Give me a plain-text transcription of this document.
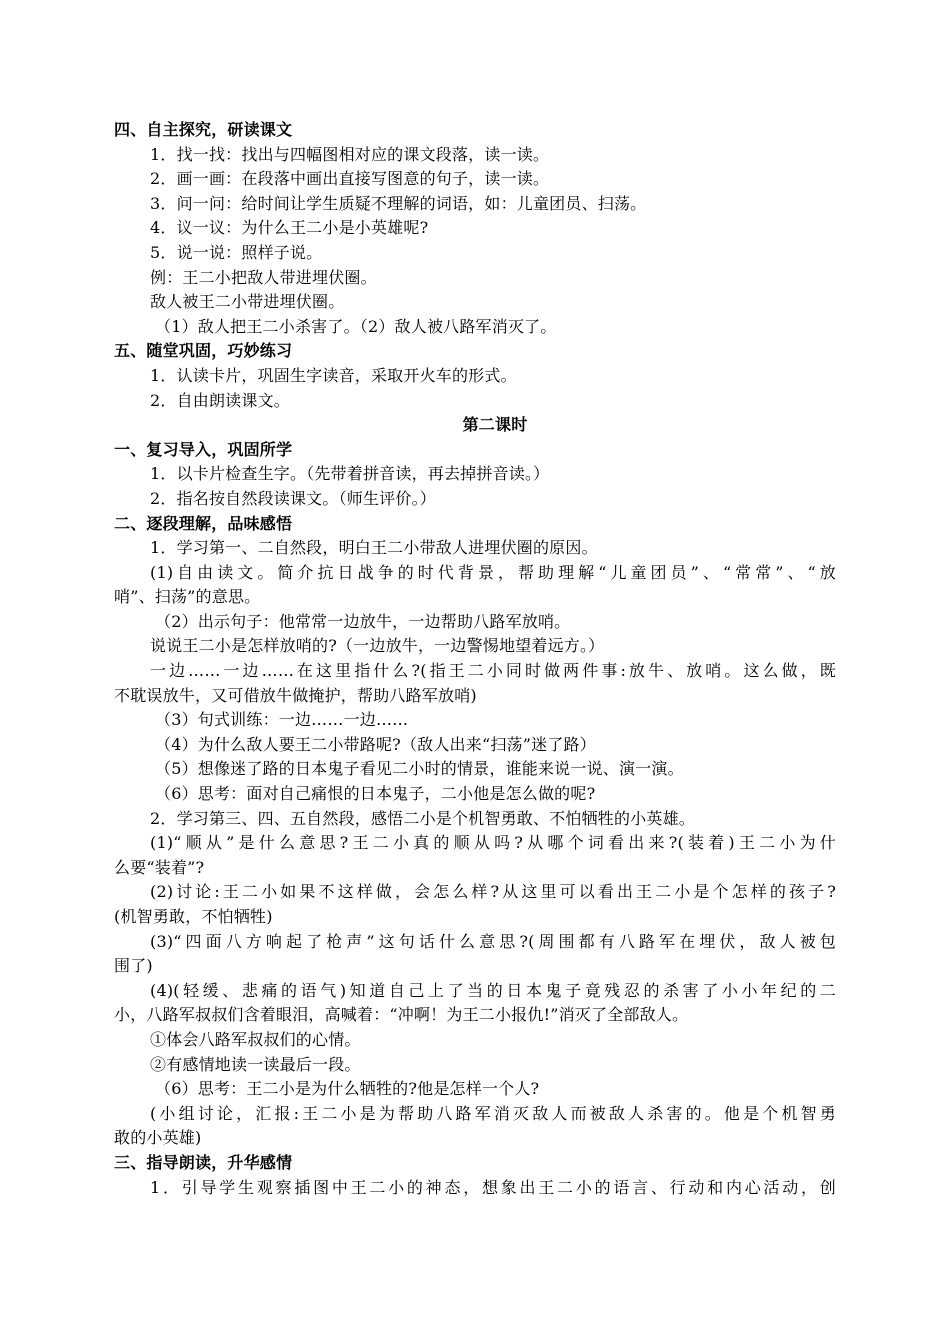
四、自主探究，研读课文
1．找一找：找出与四幅图相对应的课文段落，读一读。
2．画一画：在段落中画出直接写图意的句子，读一读。
3．问一问：给时间让学生质疑不理解的词语，如：儿童团员、扫荡。
4．议一议：为什么王二小是小英雄呢?
5．说一说：照样子说。
例：王二小把敌人带进埋伏圈。
敌人被王二小带进埋伏圈。
（1）敌人把王二小杀害了。（2）敌人被八路军消灭了。
五、随堂巩固，巧妙练习
1．认读卡片，巩固生字读音，采取开火车的形式。
2．自由朗读课文。
第二课时
一、复习导入，巩固所学
1．以卡片检查生字。（先带着拼音读，再去掉拼音读。）
2．指名按自然段读课文。（师生评价。）
二、逐段理解，品味感悟
1．学习第一、二自然段，明白王二小带敌人进埋伏圈的原因。
(1)自由读文。简介抗日战争的时代背景，帮助理解“儿童团员”、“常常”、“放
哨”、扫荡”的意思。
（2）出示句子：他常常一边放牛，一边帮助八路军放哨。
说说王二小是怎样放哨的?（一边放牛，一边警惕地望着远方。）
一边……一边……在这里指什么?(指王二小同时做两件事:放牛、放哨。这么做，既
不耽误放牛，又可借放牛做掩护，帮助八路军放哨)
（3）句式训练：一边……一边……
（4）为什么敌人要王二小带路呢?（敌人出来“扫荡”迷了路）
（5）想像迷了路的日本鬼子看见二小时的情景，谁能来说一说、演一演。
（6）思考：面对自己痛恨的日本鬼子，二小他是怎么做的呢?
2．学习第三、四、五自然段，感悟二小是个机智勇敢、不怕牺牲的小英雄。
(1)“顺从”是什么意思?王二小真的顺从吗?从哪个词看出来?(装着)王二小为什
么要“装着”?
(2)讨论:王二小如果不这样做，会怎么样?从这里可以看出王二小是个怎样的孩子?
(机智勇敢，不怕牺牲)
(3)“四面八方响起了枪声”这句话什么意思?(周围都有八路军在埋伏，敌人被包
围了)
(4)(轻缓、悲痛的语气)知道自己上了当的日本鬼子竟残忍的杀害了小小年纪的二
小，八路军叔叔们含着眼泪，高喊着：“冲啊！为王二小报仇!”消灭了全部敌人。
①体会八路军叔叔们的心情。
②有感情地读一读最后一段。
（6）思考：王二小是为什么牺牲的?他是怎样一个人?
(小组讨论，汇报:王二小是为帮助八路军消灭敌人而被敌人杀害的。他是个机智勇
敢的小英雄)
三、指导朗读，升华感情
1．引导学生观察插图中王二小的神态，想象出王二小的语言、行动和内心活动，创
